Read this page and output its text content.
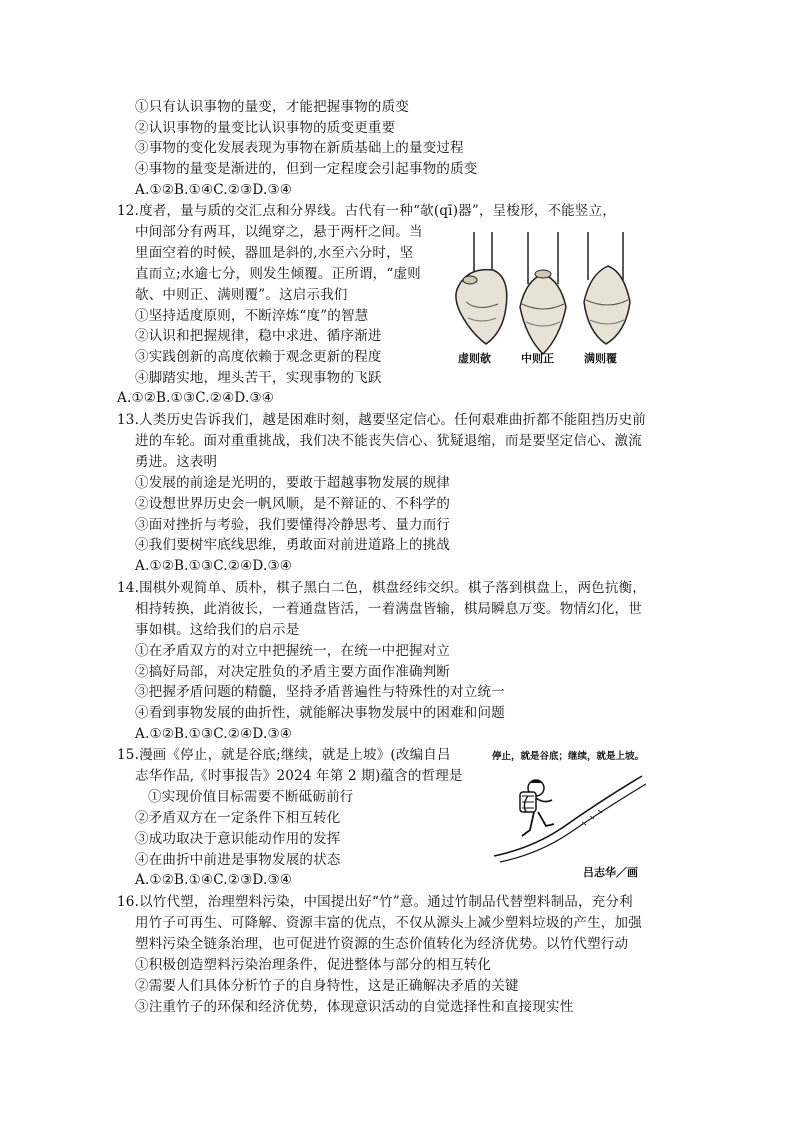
①只有认识事物的量变，才能把握事物的质变
②认识事物的量变比认识事物的质变更重要
③事物的变化发展表现为事物在新质基础上的量变过程
④事物的量变是渐进的，但到一定程度会引起事物的质变
A.①②B.①④C.②③D.③④
12.度者，量与质的交汇点和分界线。古代有一种“欹(qī)器”，呈梭形，不能竖立，
中间部分有两耳，以绳穿之，悬于两杆之间。当
里面空着的时候，器皿是斜的,水至六分时，坚
直而立;水逾七分，则发生倾覆。正所谓，“虚则
欹、中则正、满则覆”。这启示我们
①坚持适度原则，不断淬炼“度”的智慧
②认识和把握规律，稳中求进、循序渐进
③实践创新的高度依赖于观念更新的程度
④脚踏实地，埋头苦干，实现事物的飞跃
A.①②B.①③C.②④D.③④
虚则欹	中则正	满则覆
13.人类历史告诉我们，越是困难时刻，越要坚定信心。任何艰难曲折都不能阻挡历史前
进的车轮。面对重重挑战，我们决不能丧失信心、犹疑退缩，而是要坚定信心、激流
勇进。这表明
①发展的前途是光明的，要敢于超越事物发展的规律
②设想世界历史会一帆风顺，是不辩证的、不科学的
③面对挫折与考验，我们要懂得冷静思考、量力而行
④我们要树牢底线思维，勇敢面对前进道路上的挑战
A.①②B.①③C.②④D.③④
14.围棋外观简单、质朴，棋子黑白二色，棋盘经纬交织。棋子落到棋盘上，两色抗衡，
相持转换，此消彼长，一着通盘皆活，一着满盘皆输，棋局瞬息万变。物情幻化，世
事如棋。这给我们的启示是
①在矛盾双方的对立中把握统一，在统一中把握对立
②搞好局部，对决定胜负的矛盾主要方面作准确判断
③把握矛盾问题的精髓，坚持矛盾普遍性与特殊性的对立统一
④看到事物发展的曲折性，就能解决事物发展中的困难和问题
A.①②B.①③C.②④D.③④
15.漫画《停止，就是谷底;继续，就是上坡》(改编自吕
志华作品,《时事报告》2024 年第 2 期)蕴含的哲理是
①实现价值目标需要不断砥砺前行
②矛盾双方在一定条件下相互转化
③成功取决于意识能动作用的发挥
④在曲折中前进是事物发展的状态
A.①②B.①④C.②③D.③④
停止，就是谷底；继续，就是上坡。
吕志华／画
16.以竹代塑，治理塑料污染，中国提出好“竹”意。通过竹制品代替塑料制品，充分利
用竹子可再生、可降解、资源丰富的优点，不仅从源头上减少塑料垃圾的产生，加强
塑料污染全链条治理，也可促进竹资源的生态价值转化为经济优势。以竹代塑行动
①积极创造塑料污染治理条件，促进整体与部分的相互转化
②需要人们具体分析竹子的自身特性，这是正确解决矛盾的关键
③注重竹子的环保和经济优势，体现意识活动的自觉选择性和直接现实性
